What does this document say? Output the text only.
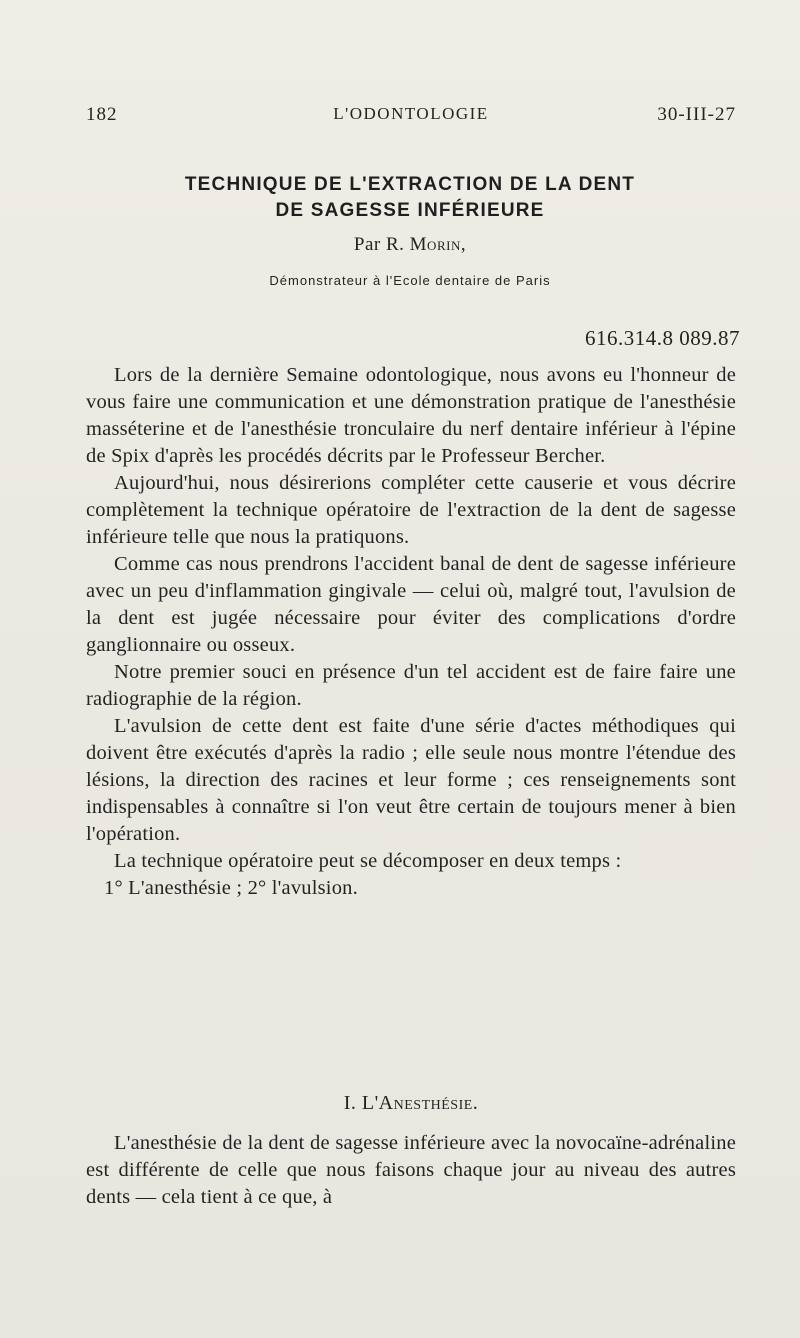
182	L'ODONTOLOGIE	30-III-27
TECHNIQUE DE L'EXTRACTION DE LA DENT
DE SAGESSE INFÉRIEURE
Par R. Morin,
Démonstrateur à l'Ecole dentaire de Paris
616.314.8 089.87

Lors de la dernière Semaine odontologique, nous avons eu l'honneur de vous faire une communication et une démonstration pratique de l'anesthésie masséterine et de l'anesthésie tronculaire du nerf dentaire inférieur à l'épine de Spix d'après les procédés décrits par le Professeur Bercher.

Aujourd'hui, nous désirerions compléter cette causerie et vous décrire complètement la technique opératoire de l'extraction de la dent de sagesse inférieure telle que nous la pratiquons.

Comme cas nous prendrons l'accident banal de dent de sagesse inférieure avec un peu d'inflammation gingivale — celui où, malgré tout, l'avulsion de la dent est jugée nécessaire pour éviter des complications d'ordre ganglionnaire ou osseux.

Notre premier souci en présence d'un tel accident est de faire faire une radiographie de la région.

L'avulsion de cette dent est faite d'une série d'actes méthodiques qui doivent être exécutés d'après la radio ; elle seule nous montre l'étendue des lésions, la direction des racines et leur forme ; ces renseignements sont indispensables à connaître si l'on veut être certain de toujours mener à bien l'opération.

La technique opératoire peut se décomposer en deux temps :

1° L'anesthésie ; 2° l'avulsion.

I. L'Anesthésie.

L'anesthésie de la dent de sagesse inférieure avec la novocaïne-adrénaline est différente de celle que nous faisons chaque jour au niveau des autres dents — cela tient à ce que, à
